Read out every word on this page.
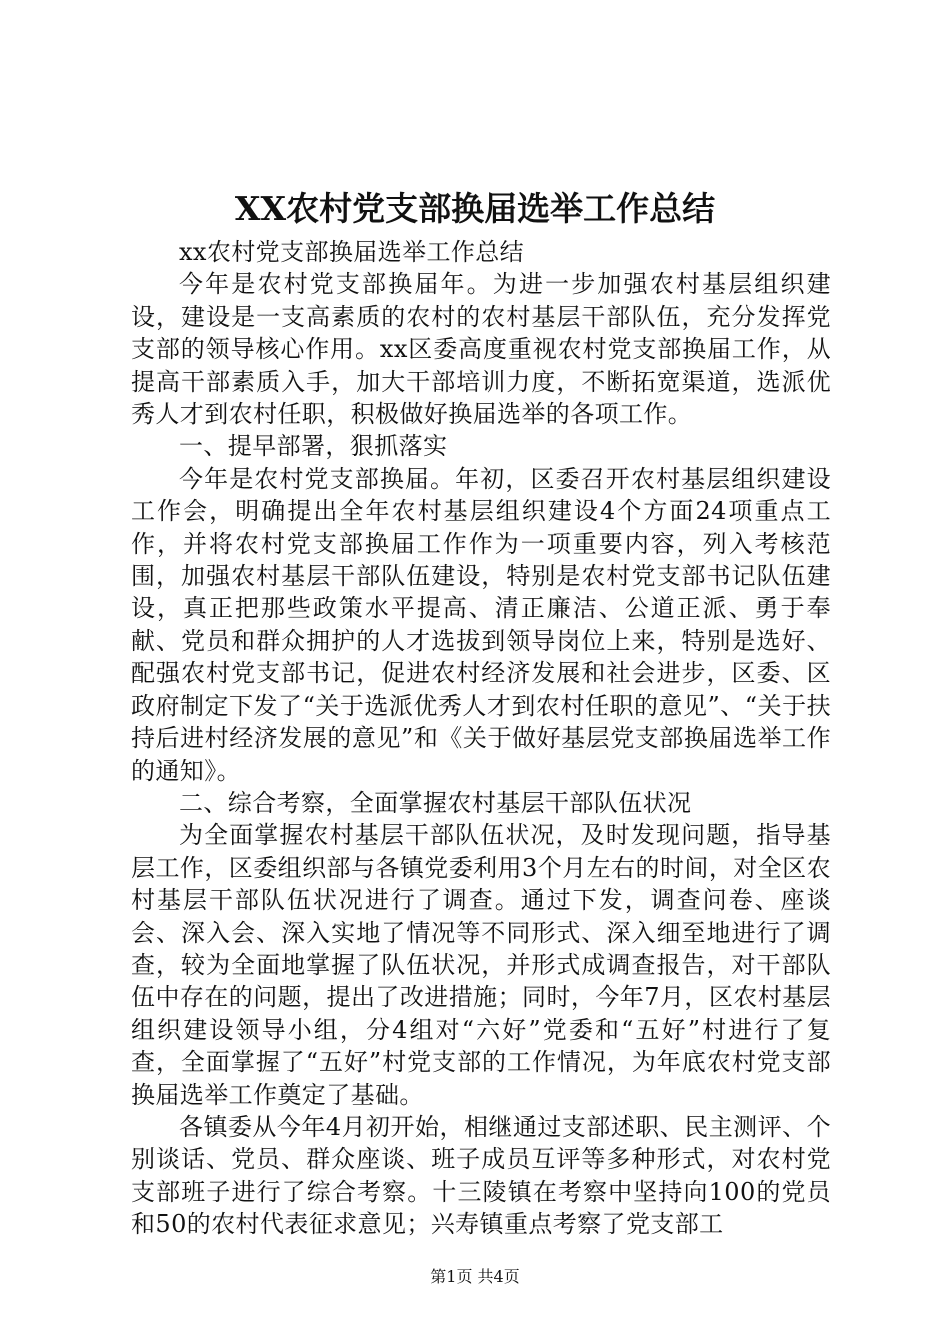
XX农村党支部换届选举工作总结

xx农村党支部换届选举工作总结

今年是农村党支部换届年。为进一步加强农村基层组织建设，建设是一支高素质的农村的农村基层干部队伍，充分发挥党支部的领导核心作用。xx区委高度重视农村党支部换届工作，从提高干部素质入手，加大干部培训力度，不断拓宽渠道，选派优秀人才到农村任职，积极做好换届选举的各项工作。

一、提早部署，狠抓落实

今年是农村党支部换届。年初，区委召开农村基层组织建设工作会，明确提出全年农村基层组织建设4个方面24项重点工作，并将农村党支部换届工作作为一项重要内容，列入考核范围，加强农村基层干部队伍建设，特别是农村党支部书记队伍建设，真正把那些政策水平提高、清正廉洁、公道正派、勇于奉献、党员和群众拥护的人才选拔到领导岗位上来，特别是选好、配强农村党支部书记，促进农村经济发展和社会进步，区委、区政府制定下发了“关于选派优秀人才到农村任职的意见”、“关于扶持后进村经济发展的意见”和《关于做好基层党支部换届选举工作的通知》。

二、综合考察，全面掌握农村基层干部队伍状况

为全面掌握农村基层干部队伍状况，及时发现问题，指导基层工作，区委组织部与各镇党委利用3个月左右的时间，对全区农村基层干部队伍状况进行了调查。通过下发，调查问卷、座谈会、深入会、深入实地了情况等不同形式、深入细至地进行了调查，较为全面地掌握了队伍状况，并形式成调查报告，对干部队伍中存在的问题，提出了改进措施；同时，今年7月，区农村基层组织建设领导小组，分4组对“六好”党委和“五好”村进行了复查，全面掌握了“五好”村党支部的工作情况，为年底农村党支部换届选举工作奠定了基础。

各镇委从今年4月初开始，相继通过支部述职、民主测评、个别谈话、党员、群众座谈、班子成员互评等多种形式，对农村党支部班子进行了综合考察。十三陵镇在考察中坚持向100的党员和50的农村代表征求意见；兴寿镇重点考察了党支部工

第1页 共4页
